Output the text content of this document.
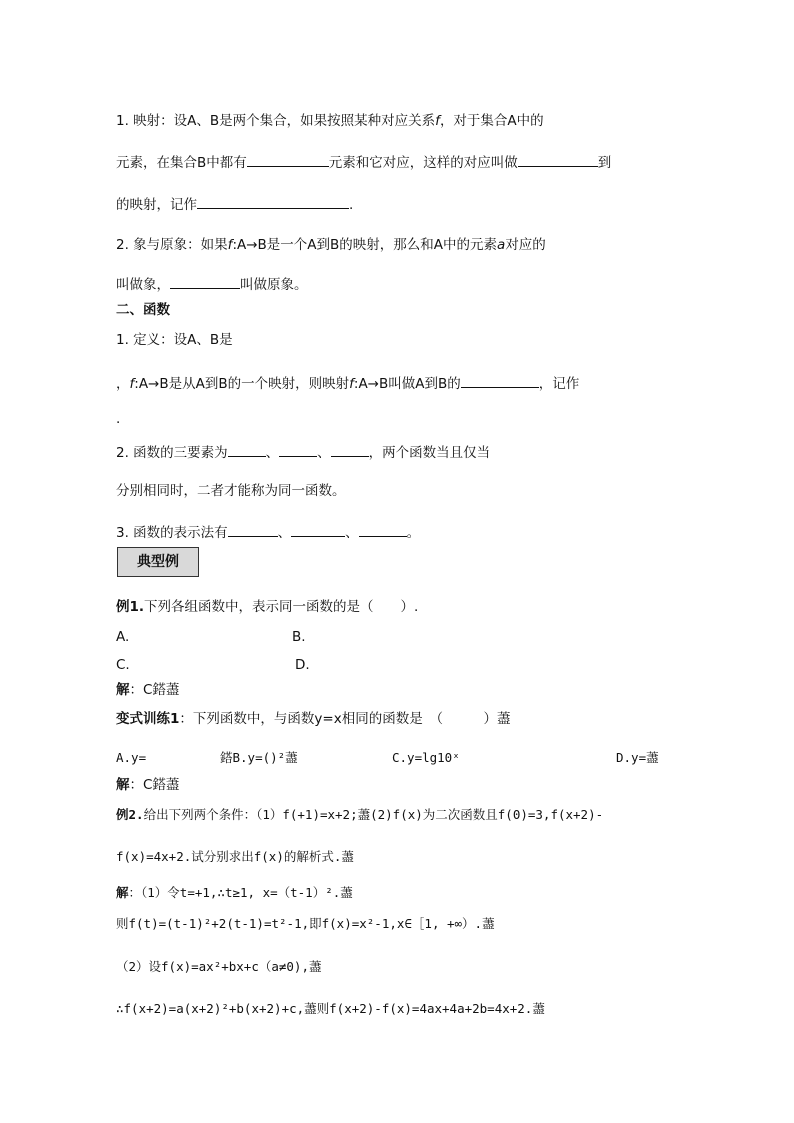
1. 映射：设A、B是两个集合，如果按照某种对应关系f，对于集合A中的
元素，在集合B中都有	元素和它对应，这样的对应叫做	到
的映射，记作	.
2. 象与原象：如果f:A→B是一个A到B的映射，那么和A中的元素a对应的
叫做象，	叫做原象。
二、函数
1. 定义：设A、B是
，f:A→B是从A到B的一个映射，则映射f:A→B叫做A到B的	，记作
.
2. 函数的三要素为	、	、	，两个函数当且仅当
分别相同时，二者才能称为同一函数。
3. 函数的表示法有	、	、	。
典型例
例1.下列各组函数中，表示同一函数的是（　　）.
A.	B.
C.	D.
解：C鎝藎
变式训练1：下列函数中，与函数y=x相同的函数是　（　　　）藎
A.y=	鎝B.y=()²藎	C.y=lg10ˣ	D.y=藎
解：C鎝藎
例2.给出下列两个条件：（1）f(+1)=x+2;藎(2)f(x)为二次函数且f(0)=3,f(x+2)-
f(x)=4x+2.试分别求出f(x)的解析式.藎
解：（1）令t=+1,∴t≥1, x=（t-1）².藎
则f(t)=(t-1)²+2(t-1)=t²-1,即f(x)=x²-1,x∈［1, +∞）.藎
（2）设f(x)=ax²+bx+c（a≠0),藎
∴f(x+2)=a(x+2)²+b(x+2)+c,藎则f(x+2)-f(x)=4ax+4a+2b=4x+2.藎
